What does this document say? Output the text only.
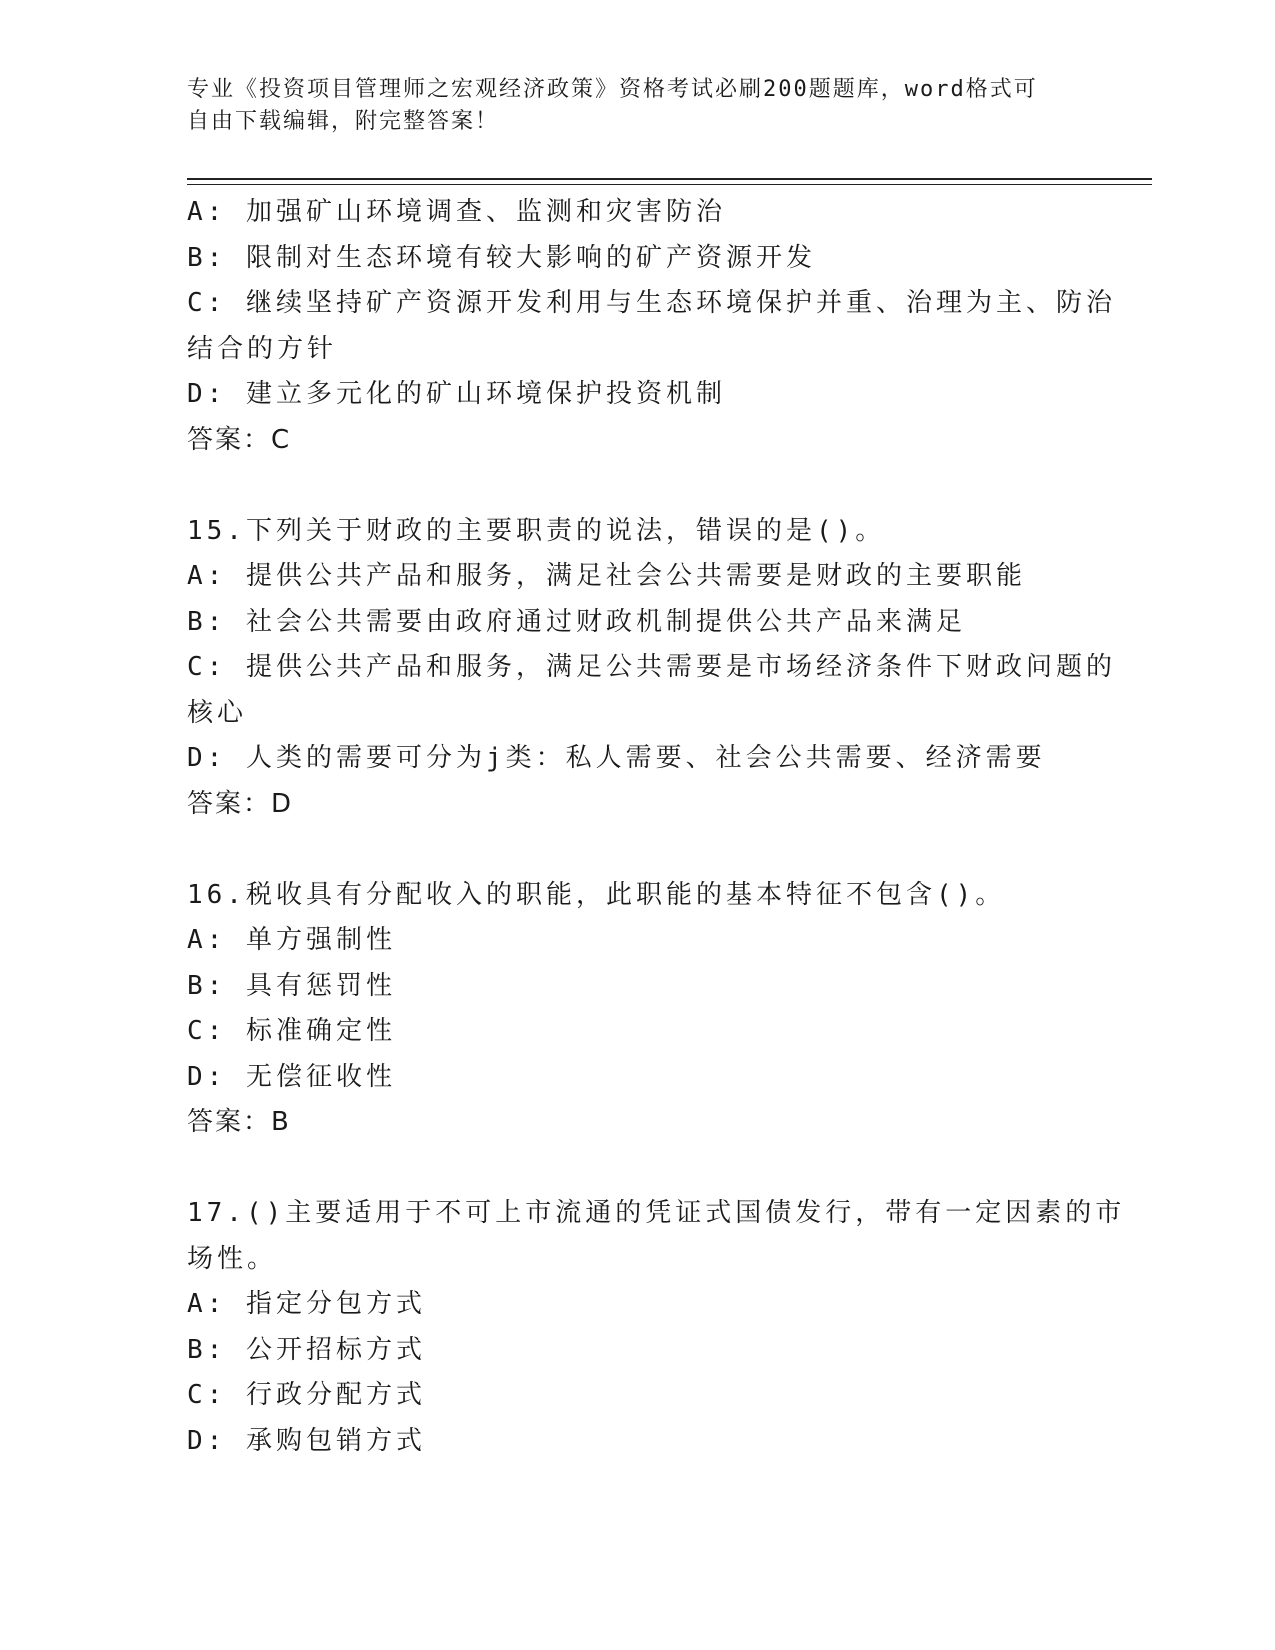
专业《投资项目管理师之宏观经济政策》资格考试必刷200题题库，word格式可
自由下载编辑，附完整答案！
A: 加强矿山环境调查、监测和灾害防治
B: 限制对生态环境有较大影响的矿产资源开发
C: 继续坚持矿产资源开发利用与生态环境保护并重、治理为主、防治
结合的方针
D: 建立多元化的矿山环境保护投资机制
答案：C
15.下列关于财政的主要职责的说法，错误的是()。
A: 提供公共产品和服务，满足社会公共需要是财政的主要职能
B: 社会公共需要由政府通过财政机制提供公共产品来满足
C: 提供公共产品和服务，满足公共需要是市场经济条件下财政问题的
核心
D: 人类的需要可分为j类：私人需要、社会公共需要、经济需要
答案：D
16.税收具有分配收入的职能，此职能的基本特征不包含()。
A: 单方强制性
B: 具有惩罚性
C: 标准确定性
D: 无偿征收性
答案：B
17.()主要适用于不可上市流通的凭证式国债发行，带有一定因素的市
场性。
A: 指定分包方式
B: 公开招标方式
C: 行政分配方式
D: 承购包销方式
